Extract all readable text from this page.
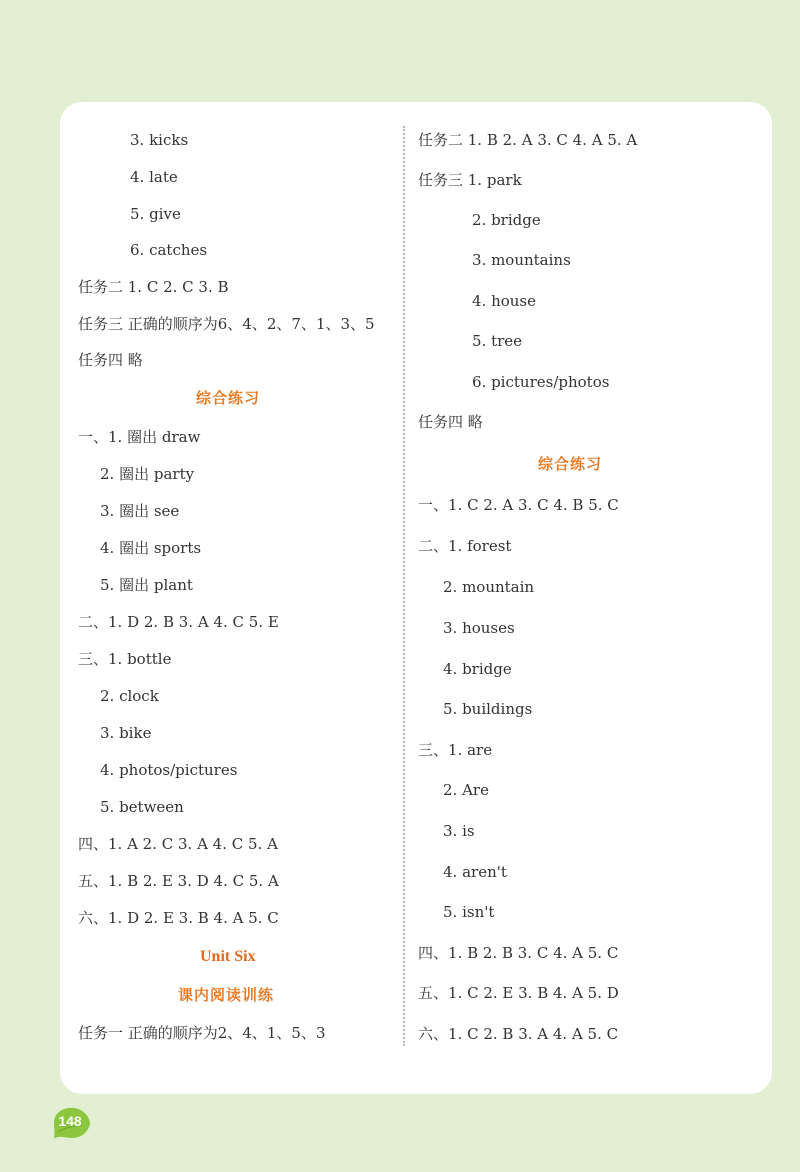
3. kicks
4. late
5. give
6. catches
任务二 1. C 2. C 3. B
任务三 正确的顺序为6、4、2、7、1、3、5
任务四 略
综合练习
一、1. 圈出 draw
2. 圈出 party
3. 圈出 see
4. 圈出 sports
5. 圈出 plant
二、1. D 2. B 3. A 4. C 5. E
三、1. bottle
2. clock
3. bike
4. photos/pictures
5. between
四、1. A 2. C 3. A 4. C 5. A
五、1. B 2. E 3. D 4. C 5. A
六、1. D 2. E 3. B 4. A 5. C
Unit Six
课内阅读训练
任务一 正确的顺序为2、4、1、5、3
任务二 1. B 2. A 3. C 4. A 5. A
任务三 1. park
2. bridge
3. mountains
4. house
5. tree
6. pictures/photos
任务四 略
综合练习
一、1. C 2. A 3. C 4. B 5. C
二、1. forest
2. mountain
3. houses
4. bridge
5. buildings
三、1. are
2. Are
3. is
4. aren't
5. isn't
四、1. B 2. B 3. C 4. A 5. C
五、1. C 2. E 3. B 4. A 5. D
六、1. C 2. B 3. A 4. A 5. C
148
